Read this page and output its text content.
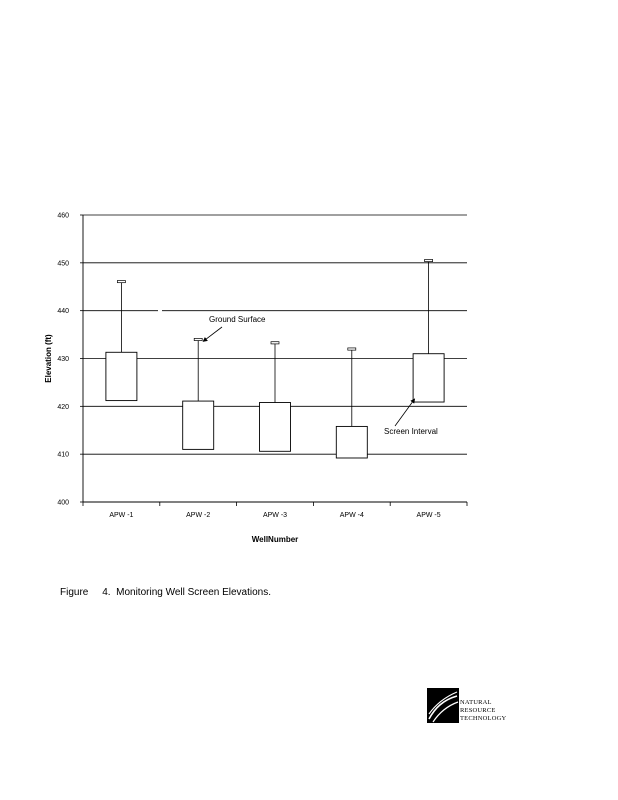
400
410
420
430
440
450
460
APW -1	APW -2	APW -3	APW -4	APW -5
WellNumber
Elevation (ft)
Ground Surface
Screen Interval
Figure     4.  Monitoring Well Screen Elevations.
NATURAL
RESOURCE
TECHNOLOGY
